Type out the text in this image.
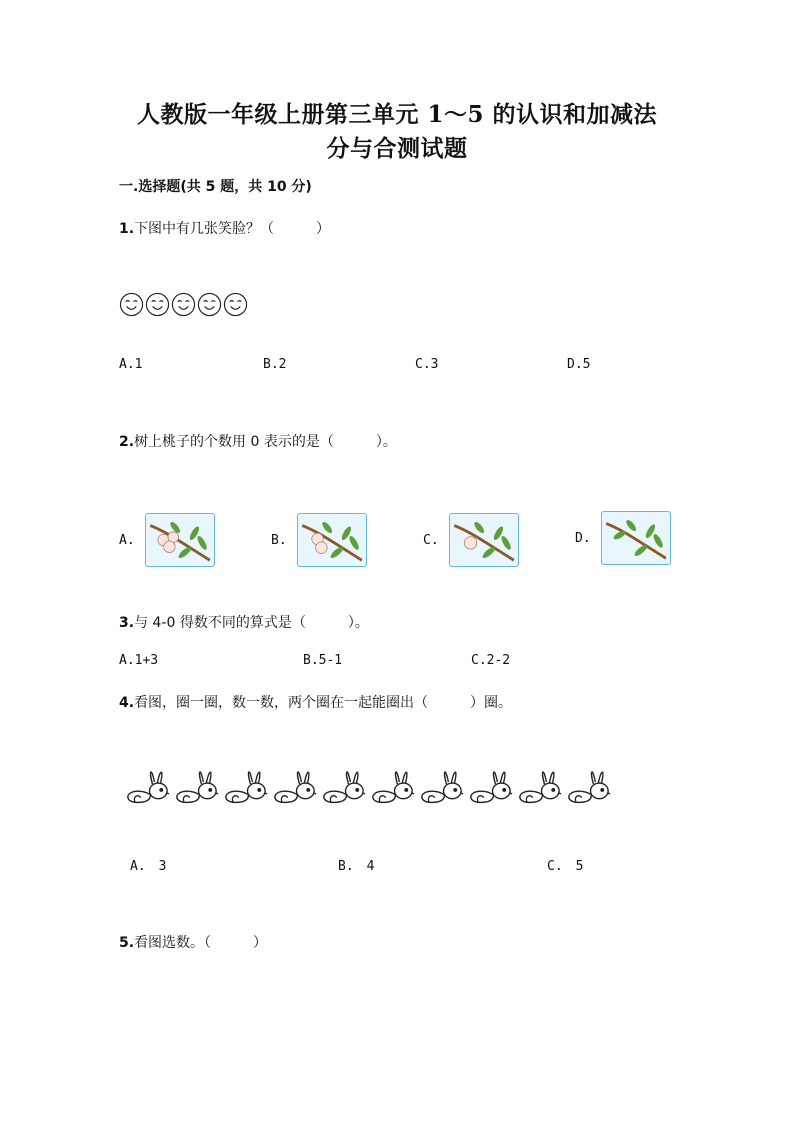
人教版一年级上册第三单元 1～5 的认识和加减法
分与合测试题
一.选择题(共 5 题，共 10 分)
1.下图中有几张笑脸？（　　　）
A.1	B.2	C.3	D.5
2.树上桃子的个数用 0 表示的是（　　　）。
A.	B.	C.	D.
3.与 4-0 得数不同的算式是（　　　）。
A.1+3	B.5-1	C.2-2
4.看图，圈一圈，数一数，两个圈在一起能圈出（　　　）圈。
A.　3	B.　4	C.　5
5.看图选数。（　　　）
